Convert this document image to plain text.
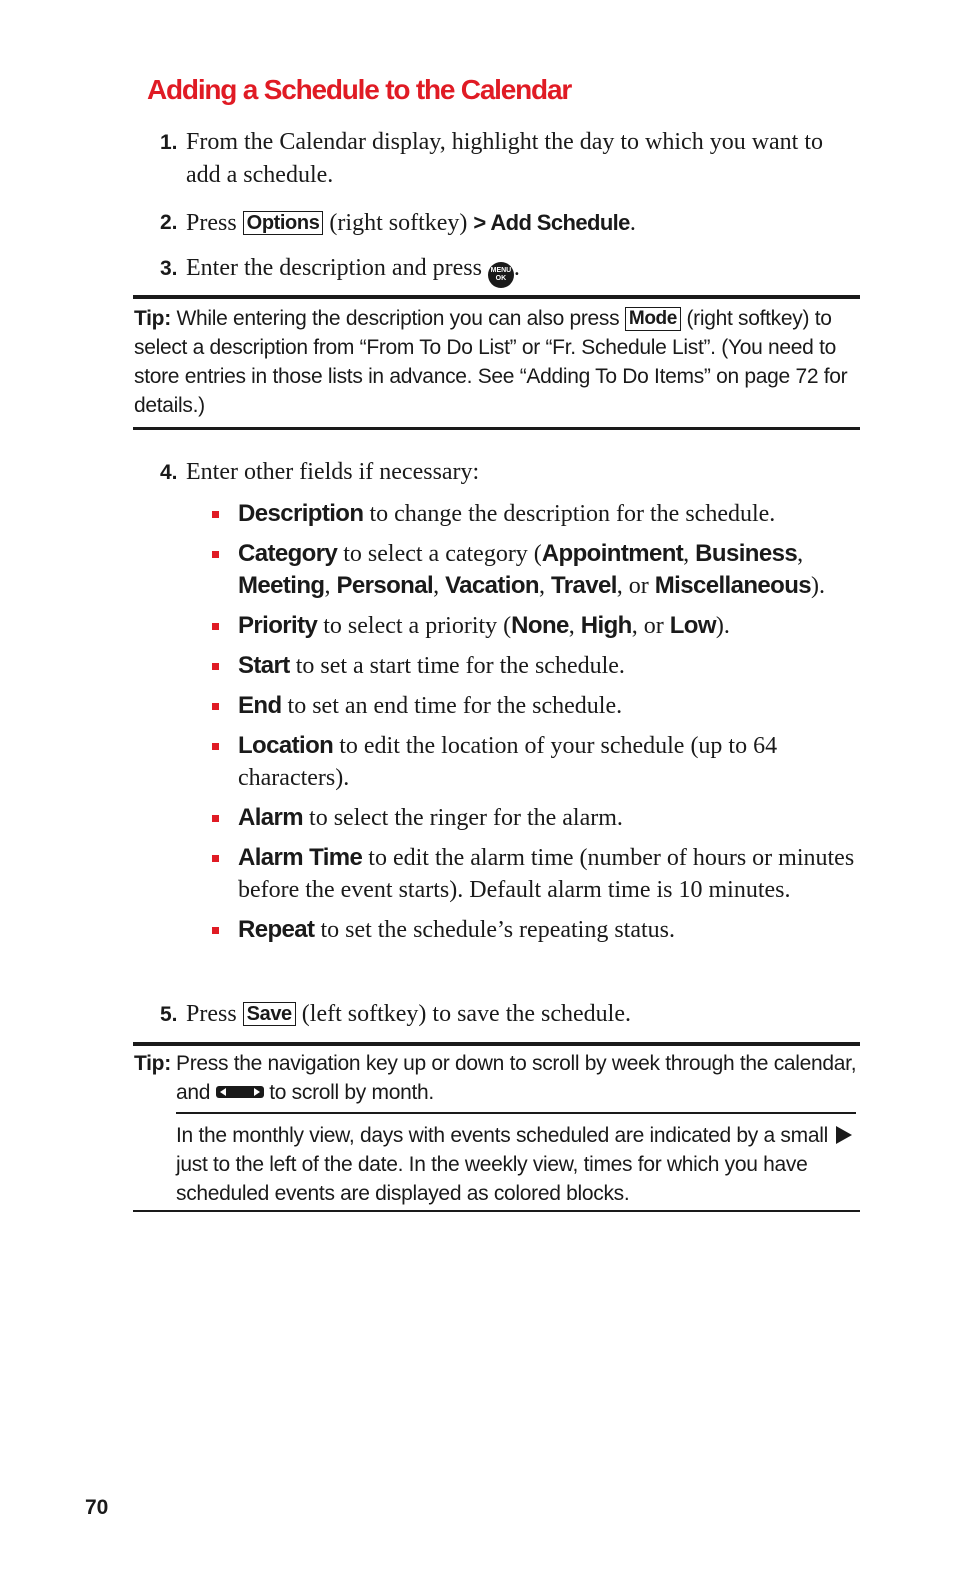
Adding a Schedule to the Calendar
1. From the Calendar display, highlight the day to which you want to add a schedule.
2. Press Options (right softkey) > Add Schedule.
3. Enter the description and press MENU
OK .
Tip: While entering the description you can also press Mode (right softkey) to select a description from “From To Do List” or “Fr. Schedule List”. (You need to store entries in those lists in advance. See “Adding To Do Items” on page 72 for details.)
4. Enter other fields if necessary:

Description to change the description for the schedule.

Category to select a category (Appointment, Business, Meeting, Personal, Vacation, Travel, or Miscellaneous).

Priority to select a priority (None, High, or Low).

Start to set a start time for the schedule.

End to set an end time for the schedule.

Location to edit the location of your schedule (up to 64 characters).

Alarm to select the ringer for the alarm.

Alarm Time to edit the alarm time (number of hours or minutes before the event starts). Default alarm time is 10 minutes.

Repeat to set the schedule’s repeating status.

5. Press Save (left softkey) to save the schedule.
Tip: Press the navigation key up or down to scroll by week through the calendar, and	to scroll by month.
In the monthly view, days with events scheduled are indicated by a small  just to the left of the date. In the weekly view, times for which you have scheduled events are displayed as colored blocks.
70
